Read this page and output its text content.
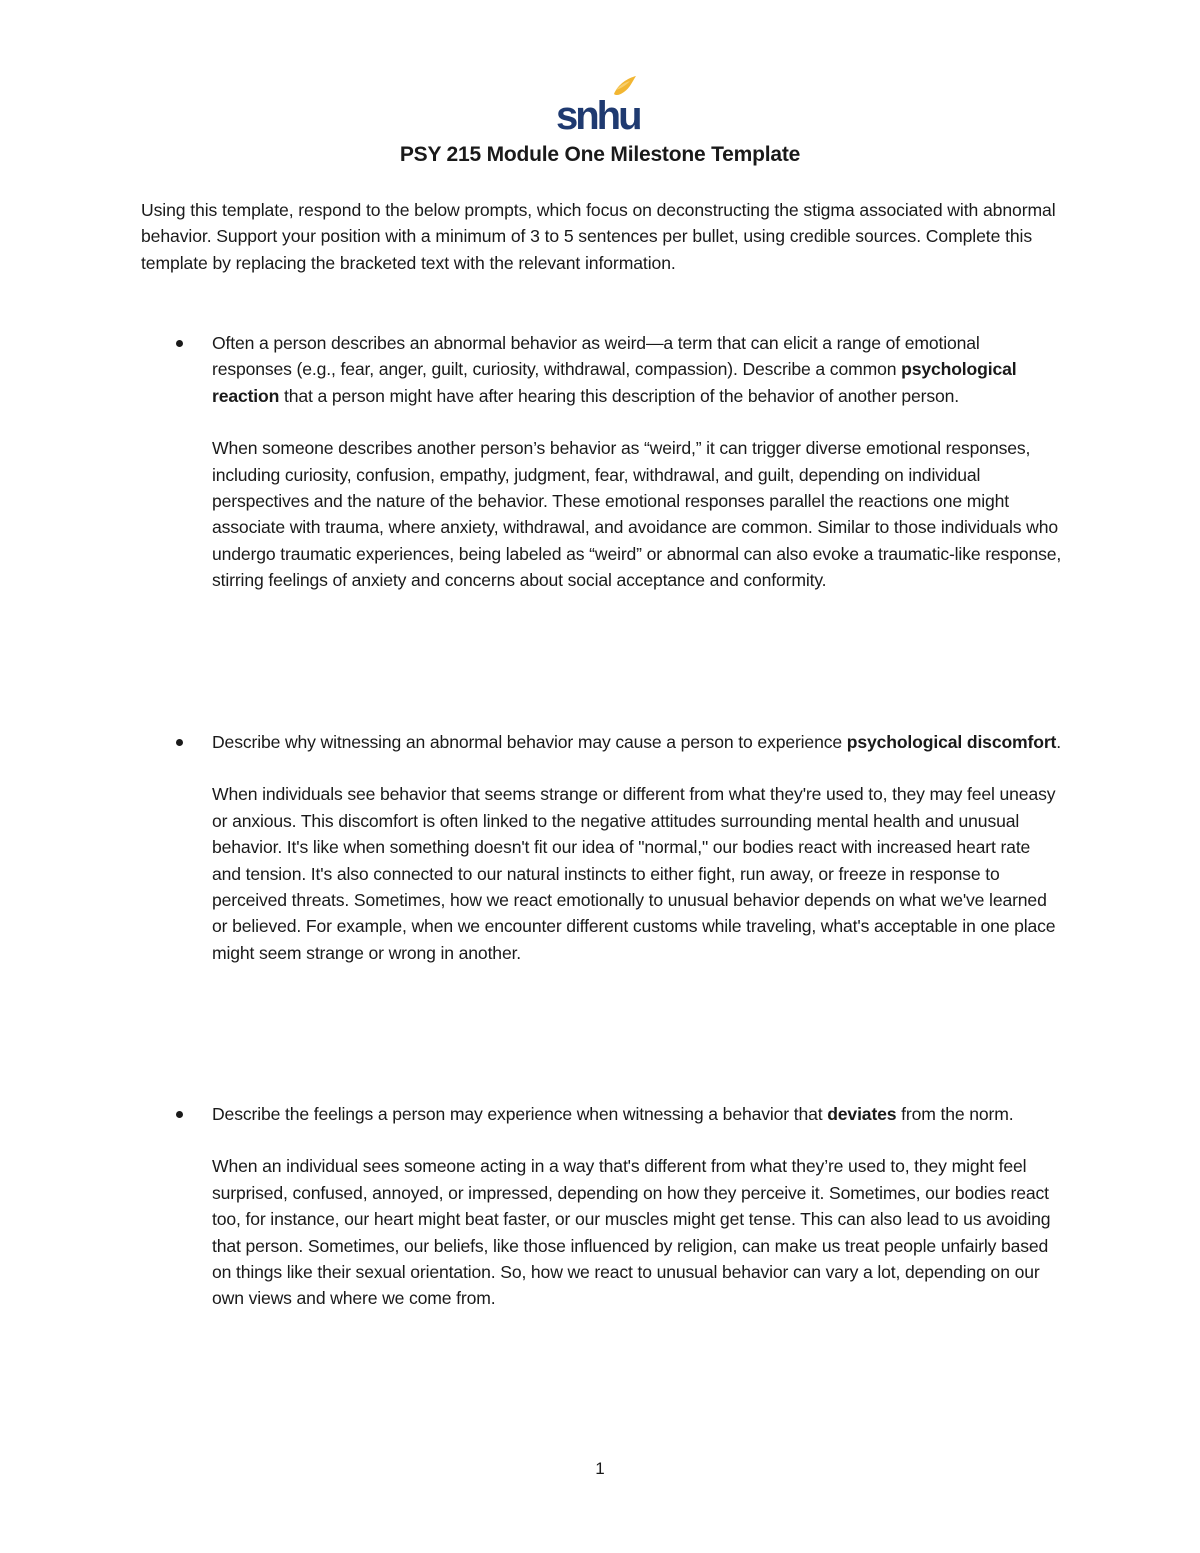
snhu
PSY 215 Module One Milestone Template

Using this template, respond to the below prompts, which focus on deconstructing the stigma associated with abnormal behavior. Support your position with a minimum of 3 to 5 sentences per bullet, using credible sources. Complete this template by replacing the bracketed text with the relevant information.

Often a person describes an abnormal behavior as weird—a term that can elicit a range of emotional responses (e.g., fear, anger, guilt, curiosity, withdrawal, compassion). Describe a common psychological reaction that a person might have after hearing this description of the behavior of another person.

When someone describes another person’s behavior as “weird,” it can trigger diverse emotional responses, including curiosity, confusion, empathy, judgment, fear, withdrawal, and guilt, depending on individual perspectives and the nature of the behavior. These emotional responses parallel the reactions one might associate with trauma, where anxiety, withdrawal, and avoidance are common. Similar to those individuals who undergo traumatic experiences, being labeled as “weird” or abnormal can also evoke a traumatic-like response, stirring feelings of anxiety and concerns about social acceptance and conformity.

Describe why witnessing an abnormal behavior may cause a person to experience psychological discomfort.

When individuals see behavior that seems strange or different from what they're used to, they may feel uneasy or anxious. This discomfort is often linked to the negative attitudes surrounding mental health and unusual behavior. It's like when something doesn't fit our idea of "normal," our bodies react with increased heart rate and tension. It's also connected to our natural instincts to either fight, run away, or freeze in response to perceived threats. Sometimes, how we react emotionally to unusual behavior depends on what we've learned or believed. For example, when we encounter different customs while traveling, what's acceptable in one place might seem strange or wrong in another.

Describe the feelings a person may experience when witnessing a behavior that deviates from the norm.

When an individual sees someone acting in a way that's different from what they’re used to, they might feel surprised, confused, annoyed, or impressed, depending on how they perceive it. Sometimes, our bodies react too, for instance, our heart might beat faster, or our muscles might get tense. This can also lead to us avoiding that person. Sometimes, our beliefs, like those influenced by religion, can make us treat people unfairly based on things like their sexual orientation. So, how we react to unusual behavior can vary a lot, depending on our own views and where we come from.

1
